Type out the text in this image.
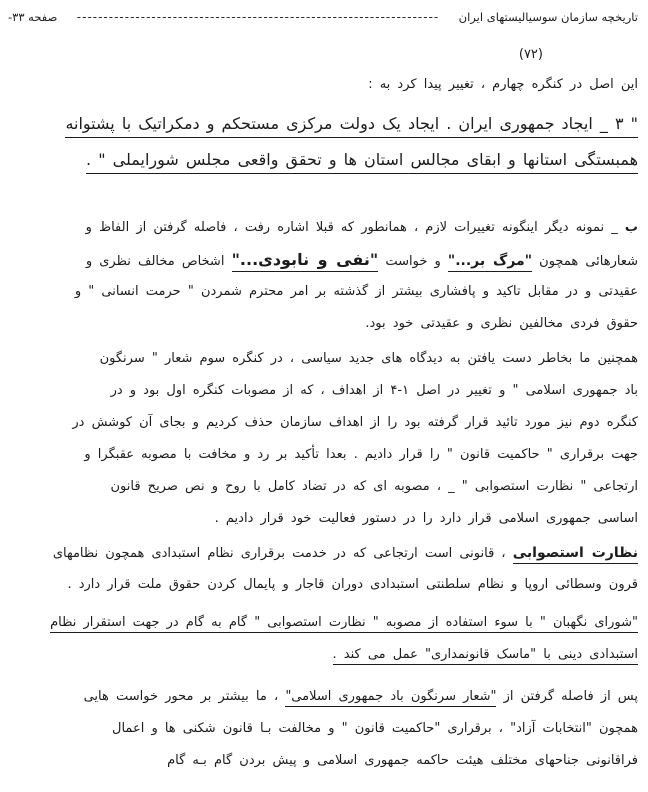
تاریخچه سازمان سوسیالیستهای ایران
--------------------------------------------------------------------
صفحه ۳۳-
(۷۲)
این اصل در کنگره چهارم ، تغییر پیدا کرد به :
" ۳ _ ایجاد جمهوری ایران . ایجاد یک دولت مرکزی مستحکم و دمکراتیک با پشتوانه
همبستگی استانها و ابقای مجالس استان ها و تحقق واقعی مجلس شورایملی " .
ب _ نمونه دیگر اینگونه تغییرات لازم ، همانطور که قبلا اشاره رفت ، فاصله گرفتن از الفاظ و
شعارهائی همچون "مرگ بر..." و خواست "نفی و نابودی..." اشخاص مخالف نظری و
عقیدتی و در مقابل تاکید و پافشاری بیشتر از گذشته بر امر محترم شمردن " حرمت انسانی " و
حقوق فردی مخالفین نظری و عقیدتی خود بود.
همچنین ما بخاطر دست یافتن به دیدگاه های جدید سیاسی ، در کنگره سوم شعار " سرنگون
باد جمهوری اسلامی " و تغییر در اصل ۱-۴ از اهداف ، که از مصوبات کنگره اول بود و در
کنگره دوم نیز مورد تائید قرار گرفته بود را از اهداف سازمان حذف کردیم و بجای آن کوشش در
جهت برقراری " حاکمیت قانون " را قرار دادیم . بعدا تأکید بر رد و مخافت با مصوبه عقبگرا و
ارتجاعی " نظارت استصوابی " _ ، مصوبه ای که در تضاد کامل با روح و نص صریح قانون
اساسی جمهوری اسلامی قرار دارد را در دستور فعالیت خود قرار دادیم .
نظارت استصوابی ، قانونی است ارتجاعی که در خدمت برقراری نظام استبدادی همچون نظامهای
قرون وسطائی اروپا و نظام سلطنتی استبدادی دوران قاجار و پایمال کردن حقوق ملت قرار دارد .
"شورای نگهبان " با سوء استفاده از مصوبه " نظارت استصوابی " گام به گام در جهت استقرار نظام
استبدادی دینی با "ماسک قانونمداری" عمل می کند .
پس از فاصله گرفتن از "شعار سرنگون باد جمهوری اسلامی" ، ما بیشتر بر محور خواست هایی
همچون "انتخابات آزاد" ، برقراری "حاکمیت قانون " و مخالفت بـا قانون شکنی ها و اعمال
فراقانونی جناحهای مختلف هیئت حاکمه جمهوری اسلامی و پیش بردن گام بـه گام
